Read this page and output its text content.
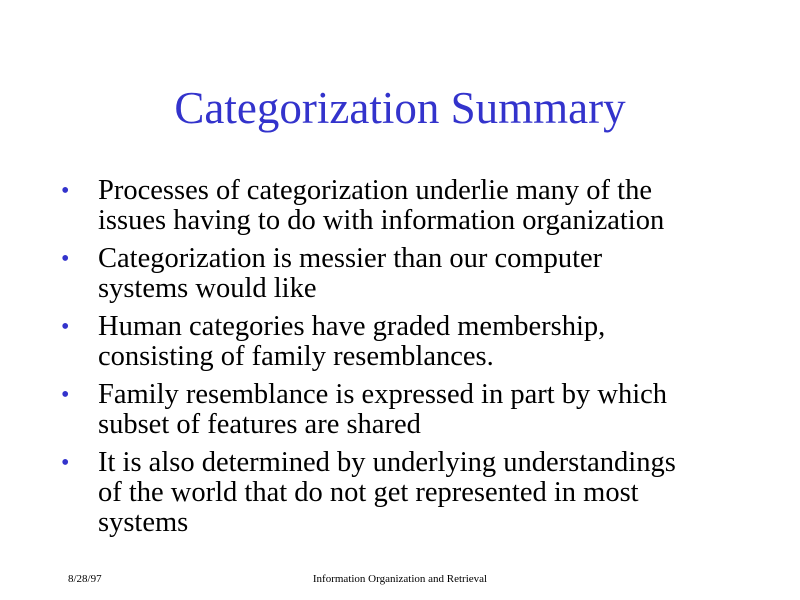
Categorization Summary
• Processes of categorization underlie many of the
issues having to do with information organization
• Categorization is messier than our computer
systems would like
• Human categories have graded membership,
consisting of family resemblances.
• Family resemblance is expressed in part by which
subset of features are shared
• It is also determined by underlying understandings
of the world that do not get represented in most
systems
8/28/97	Information Organization and Retrieval
